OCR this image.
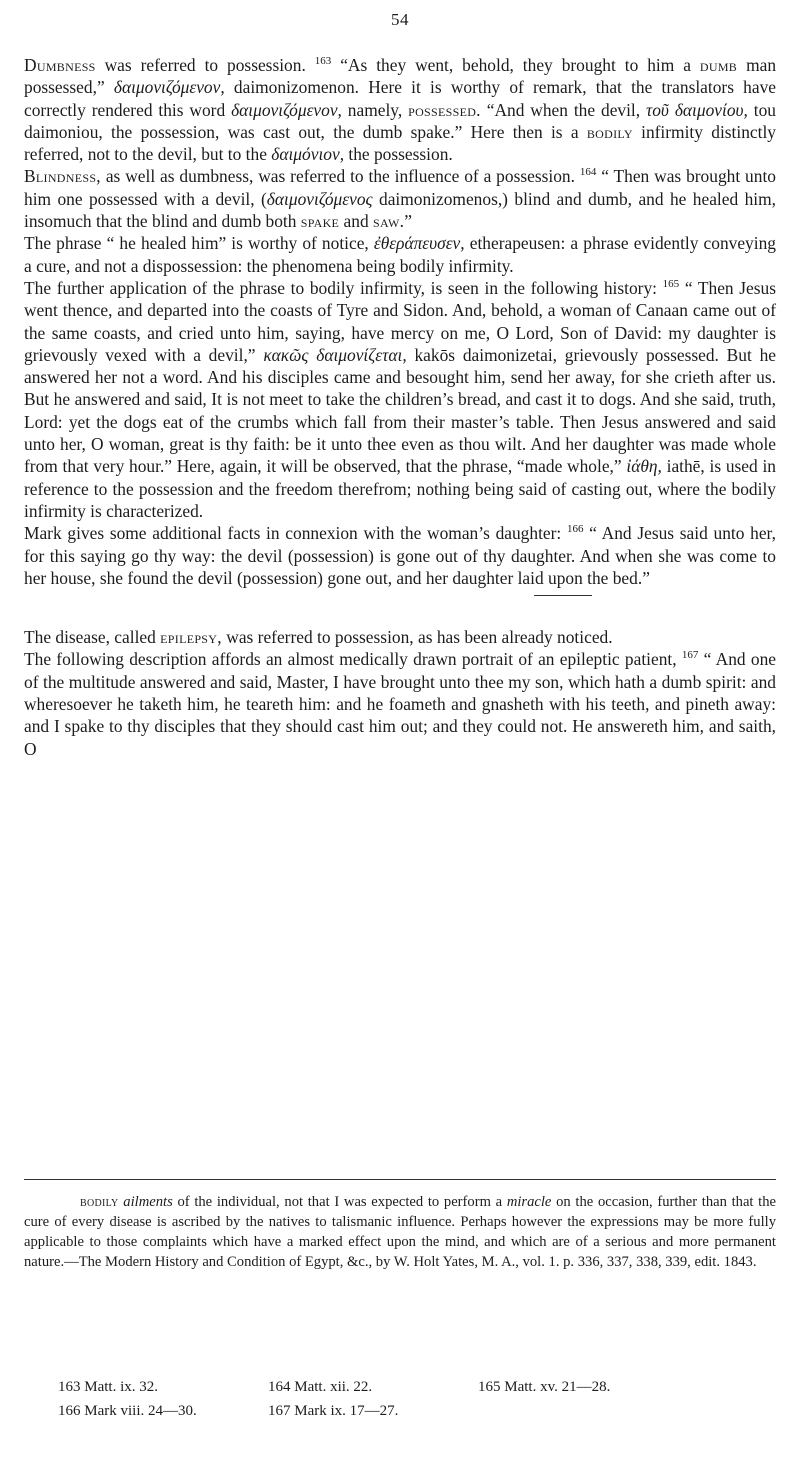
54

Dumbness was referred to possession. $^{163}$ “As they went, behold, they brought to him a dumb man possessed,” δαιμονιζόμενον, daimonizomenon. Here it is worthy of remark, that the translators have correctly rendered this word δαιμονιζόμενον, namely, possessed. “And when the devil, τοῦ δαιμονίου, tou daimoniou, the possession, was cast out, the dumb spake.” Here then is a bodily infirmity distinctly referred, not to the devil, but to the δαιμόνιον, the possession.

Blindness, as well as dumbness, was referred to the influence of a possession. $^{164}$ “ Then was brought unto him one possessed with a devil, (δαιμονιζόμενος daimonizomenos,) blind and dumb, and he healed him, insomuch that the blind and dumb both spake and saw.”

The phrase “ he healed him” is worthy of notice, ἐθεράπευσεν, etherapeusen: a phrase evidently conveying a cure, and not a dispossession: the phenomena being bodily infirmity.

The further application of the phrase to bodily infirmity, is seen in the following history: $^{165}$ “ Then Jesus went thence, and departed into the coasts of Tyre and Sidon. And, behold, a woman of Canaan came out of the same coasts, and cried unto him, saying, have mercy on me, O Lord, Son of David: my daughter is grievously vexed with a devil,” κακῶς δαιμονίζεται, kakōs daimonizetai, grievously possessed. But he answered her not a word. And his disciples came and besought him, send her away, for she crieth after us. But he answered and said, It is not meet to take the children’s bread, and cast it to dogs. And she said, truth, Lord: yet the dogs eat of the crumbs which fall from their master’s table. Then Jesus answered and said unto her, O woman, great is thy faith: be it unto thee even as thou wilt. And her daughter was made whole from that very hour.” Here, again, it will be observed, that the phrase, “made whole,” ἰάθη, iathē, is used in reference to the possession and the freedom therefrom; nothing being said of casting out, where the bodily infirmity is characterized.

Mark gives some additional facts in connexion with the woman’s daughter: $^{166}$ “ And Jesus said unto her, for this saying go thy way: the devil (possession) is gone out of thy daughter. And when she was come to her house, she found the devil (possession) gone out, and her daughter laid upon the bed.”

The disease, called epilepsy, was referred to possession, as has been already noticed.

The following description affords an almost medically drawn portrait of an epileptic patient, $^{167}$ “ And one of the multitude answered and said, Master, I have brought unto thee my son, which hath a dumb spirit: and wheresoever he taketh him, he teareth him: and he foameth and gnasheth with his teeth, and pineth away: and I spake to thy disciples that they should cast him out; and they could not. He answereth him, and saith, O

bodily ailments of the individual, not that I was expected to perform a miracle on the occasion, further than that the cure of every disease is ascribed by the natives to talismanic influence. Perhaps however the expressions may be more fully applicable to those complaints which have a marked effect upon the mind, and which are of a serious and more permanent nature.—The Modern History and Condition of Egypt, &c., by W. Holt Yates, M. A., vol. 1. p. 336, 337, 338, 339, edit. 1843.

163 Matt. ix. 32.	164 Matt. xii. 22.	165 Matt. xv. 21—28.
166 Mark viii. 24—30.	167 Mark ix. 17—27.
